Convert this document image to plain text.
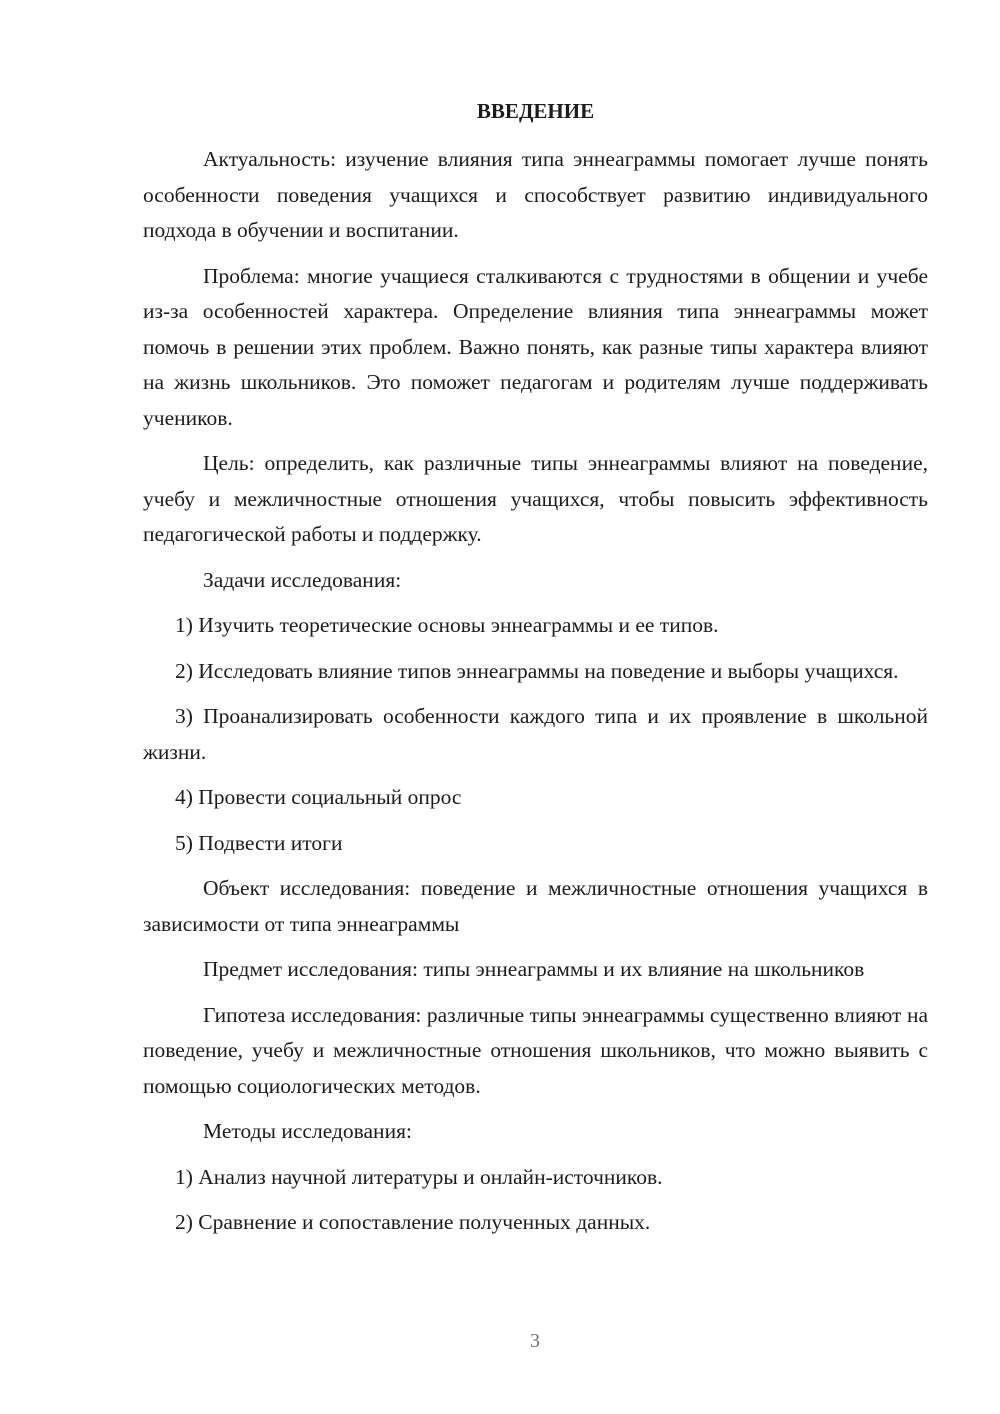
ВВЕДЕНИЕ

Актуальность: изучение влияния типа эннеаграммы помогает лучше понять особенности поведения учащихся и способствует развитию индивидуального подхода в обучении и воспитании.

Проблема: многие учащиеся сталкиваются с трудностями в общении и учебе из-за особенностей характера. Определение влияния типа эннеаграммы может помочь в решении этих проблем. Важно понять, как разные типы характера влияют на жизнь школьников. Это поможет педагогам и родителям лучше поддерживать учеников.

Цель: определить, как различные типы эннеаграммы влияют на поведение, учебу и межличностные отношения учащихся, чтобы повысить эффективность педагогической работы и поддержку.

Задачи исследования:

1) Изучить теоретические основы эннеаграммы и ее типов.

2) Исследовать влияние типов эннеаграммы на поведение и выборы учащихся.

3) Проанализировать особенности каждого типа и их проявление в школьной жизни.

4) Провести социальный опрос

5) Подвести итоги

Объект исследования: поведение и межличностные отношения учащихся в зависимости от типа эннеаграммы

Предмет исследования: типы эннеаграммы и их влияние на школьников

Гипотеза исследования: различные типы эннеаграммы существенно влияют на поведение, учебу и межличностные отношения школьников, что можно выявить с помощью социологических методов.

Методы исследования:

1) Анализ научной литературы и онлайн-источников.

2) Сравнение и сопоставление полученных данных.

3
